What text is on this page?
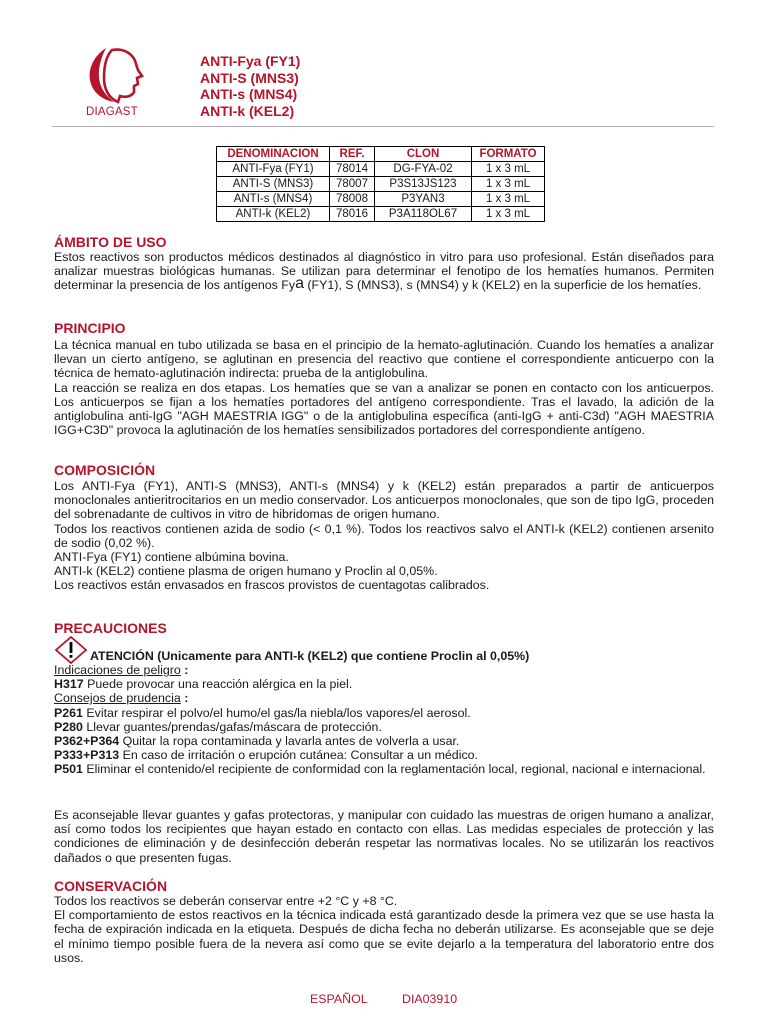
DIAGAST
ANTI-Fya (FY1)
ANTI-S (MNS3)
ANTI-s (MNS4)
ANTI-k (KEL2)
DENOMINACION	REF.	CLON	FORMATO
ANTI-Fya (FY1)	78014	DG-FYA-02	1 x 3 mL
ANTI-S (MNS3)	78007	P3S13JS123	1 x 3 mL
ANTI-s (MNS4)	78008	P3YAN3	1 x 3 mL
ANTI-k (KEL2)	78016	P3A118OL67	1 x 3 mL
ÁMBITO DE USO

Estos reactivos son productos médicos destinados al diagnóstico in vitro para uso profesional. Están diseñados para analizar muestras biológicas humanas. Se utilizan para determinar el fenotipo de los hematíes humanos. Permiten determinar la presencia de los antígenos Fya (FY1), S (MNS3), s (MNS4) y k (KEL2) en la superficie de los hematíes.

PRINCIPIO

La técnica manual en tubo utilizada se basa en el principio de la hemato-aglutinación. Cuando los hematíes a analizar llevan un cierto antígeno, se aglutinan en presencia del reactivo que contiene el correspondiente anticuerpo con la técnica de hemato-aglutinación indirecta: prueba de la antiglobulina.

La reacción se realiza en dos etapas. Los hematíes que se van a analizar se ponen en contacto con los anticuerpos. Los anticuerpos se fijan a los hematíes portadores del antígeno correspondiente. Tras el lavado, la adición de la antiglobulina anti-IgG "AGH MAESTRIA IGG" o de la antiglobulina específica (anti-IgG + anti-C3d) "AGH MAESTRIA IGG+C3D" provoca la aglutinación de los hematíes sensibilizados portadores del correspondiente antígeno.

COMPOSICIÓN

Los ANTI-Fya (FY1), ANTI-S (MNS3), ANTI-s (MNS4) y k (KEL2) están preparados a partir de anticuerpos monoclonales antieritrocitarios en un medio conservador. Los anticuerpos monoclonales, que son de tipo IgG, proceden del sobrenadante de cultivos in vitro de hibridomas de origen humano.

Todos los reactivos contienen azida de sodio (< 0,1 %). Todos los reactivos salvo el ANTI-k (KEL2) contienen arsenito de sodio (0,02 %).

ANTI-Fya (FY1) contiene albúmina bovina.

ANTI-k (KEL2) contiene plasma de origen humano y Proclin al 0,05%.

Los reactivos están envasados en frascos provistos de cuentagotas calibrados.

PRECAUCIONES
ATENCIÓN (Unicamente para ANTI-k (KEL2) que contiene Proclin al 0,05%)

Indicaciones de peligro :

H317 Puede provocar una reacción alérgica en la piel.

Consejos de prudencia :

P261 Evitar respirar el polvo/el humo/el gas/la niebla/los vapores/el aerosol.

P280 Llevar guantes/prendas/gafas/máscara de protección.

P362+P364 Quitar la ropa contaminada y lavarla antes de volverla a usar.

P333+P313 En caso de irritación o erupción cutánea: Consultar a un médico.

P501 Eliminar el contenido/el recipiente de conformidad con la reglamentación local, regional, nacional e internacional.

Es aconsejable llevar guantes y gafas protectoras, y manipular con cuidado las muestras de origen humano a analizar, así como todos los recipientes que hayan estado en contacto con ellas. Las medidas especiales de protección y las condiciones de eliminación y de desinfección deberán respetar las normativas locales. No se utilizarán los reactivos dañados o que presenten fugas.

CONSERVACIÓN

Todos los reactivos se deberán conservar entre +2 °C y +8 °C.

El comportamiento de estos reactivos en la técnica indicada está garantizado desde la primera vez que se use hasta la fecha de expiración indicada en la etiqueta. Después de dicha fecha no deberán utilizarse. Es aconsejable que se deje el mínimo tiempo posible fuera de la nevera así como que se evite dejarlo a la temperatura del laboratorio entre dos usos.

ESPAÑOL	DIA03910
